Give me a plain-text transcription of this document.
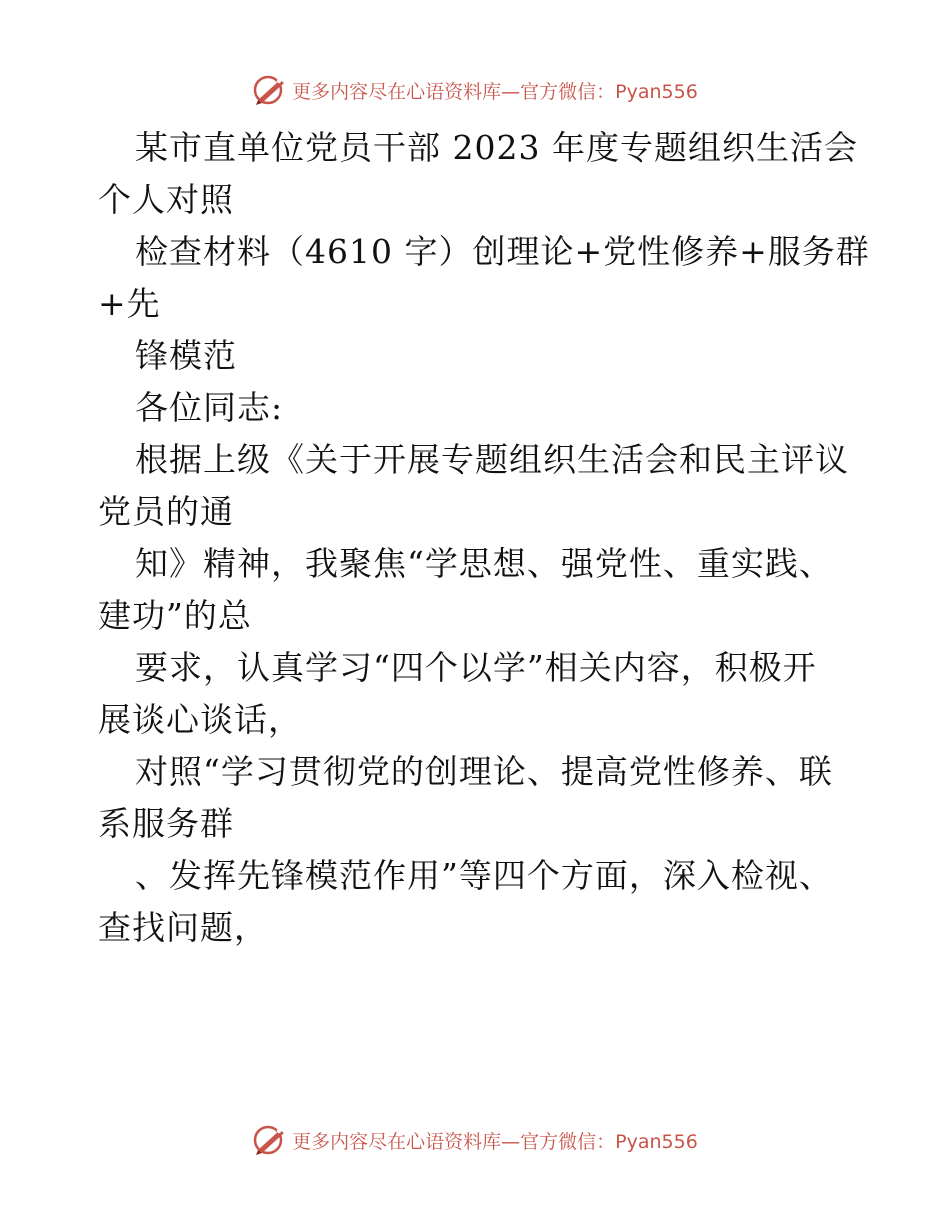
更多内容尽在心语资料库—官方微信：Pyan556
某市直单位党员干部 2023 年度专题组织生活会
个人对照
检查材料（4610 字）创理论+党性修养+服务群
+先
锋模范
各位同志:
根据上级《关于开展专题组织生活会和民主评议
党员的通
知》精神，我聚焦“学思想、强党性、重实践、
建功”的总
要求，认真学习“四个以学”相关内容，积极开
展谈心谈话，
对照“学习贯彻党的创理论、提高党性修养、联
系服务群
、发挥先锋模范作用”等四个方面，深入检视、
查找问题，
更多内容尽在心语资料库—官方微信：Pyan556
